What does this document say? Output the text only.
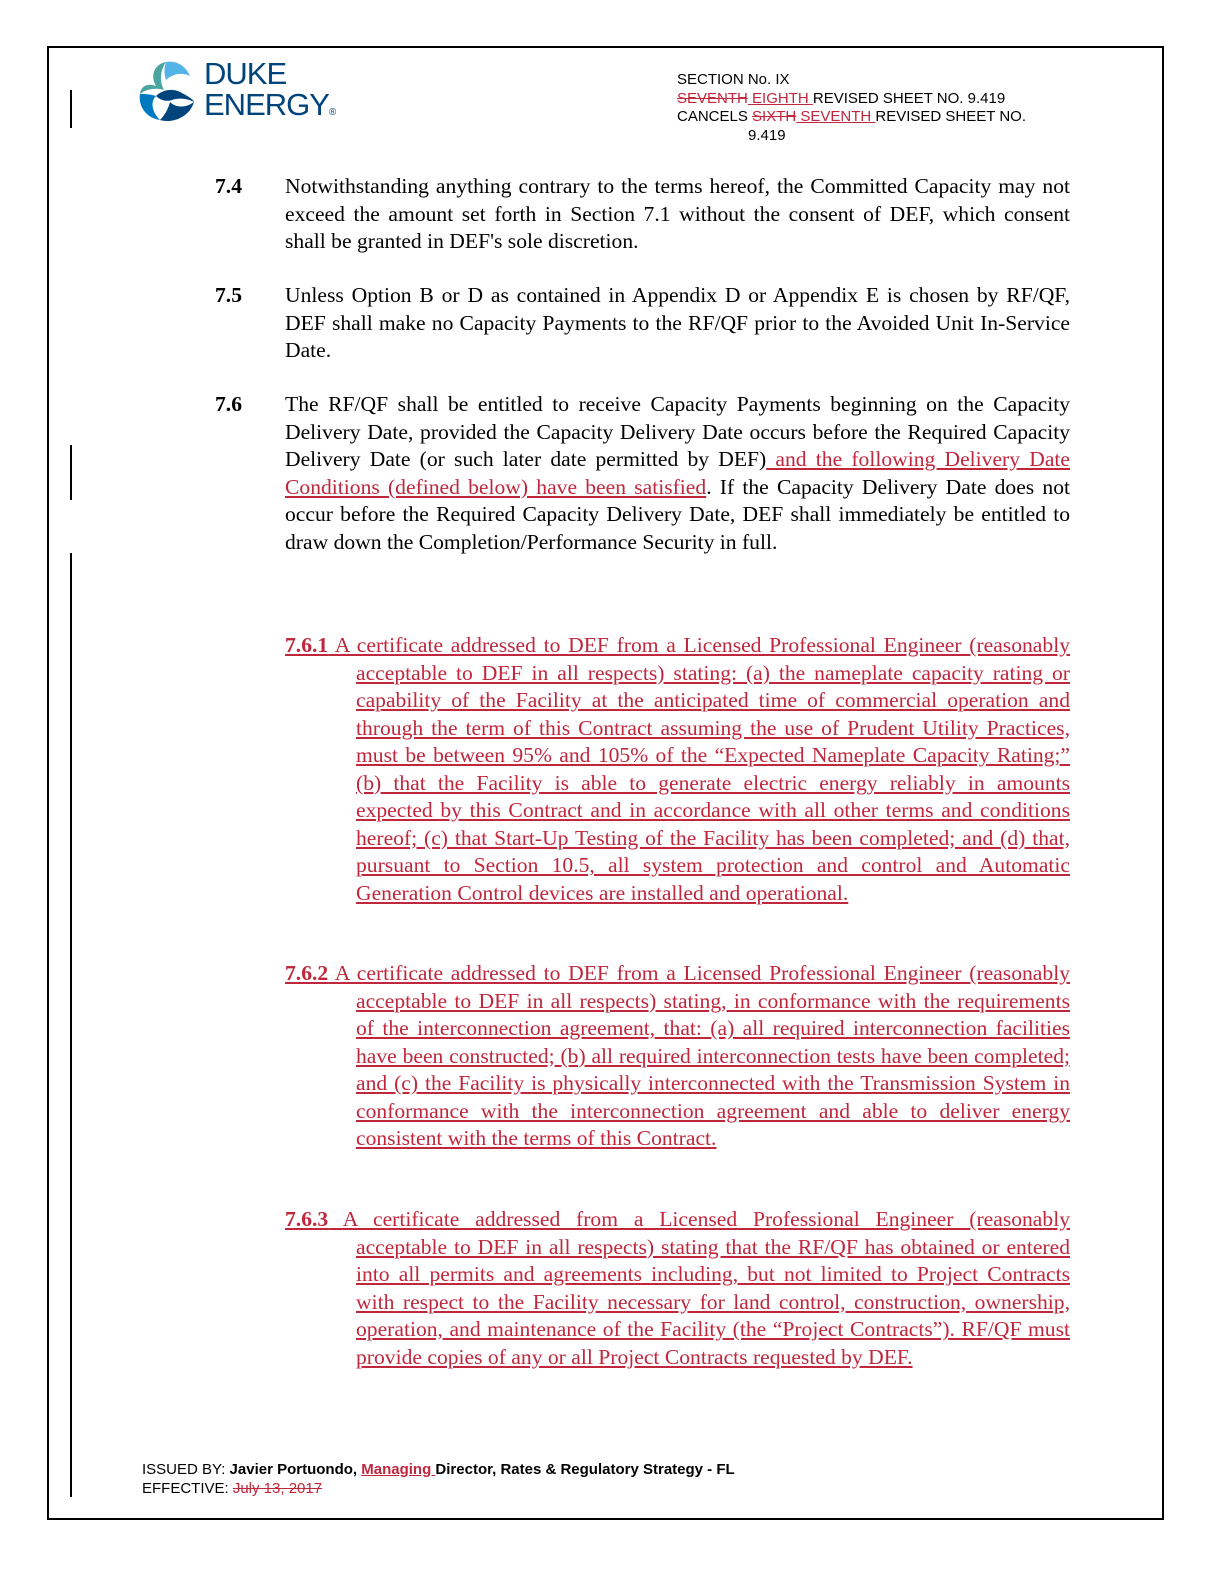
DUKE
ENERGY®
SECTION No. IX
SEVENTH EIGHTH REVISED SHEET NO. 9.419
CANCELS SIXTH SEVENTH REVISED SHEET NO.
9.419
7.4 Notwithstanding anything contrary to the terms hereof, the Committed Capacity may not exceed the amount set forth in Section 7.1 without the consent of DEF, which consent shall be granted in DEF's sole discretion.
7.5 Unless Option B or D as contained in Appendix D or Appendix E is chosen by RF/QF, DEF shall make no Capacity Payments to the RF/QF prior to the Avoided Unit In-Service Date.
7.6 The RF/QF shall be entitled to receive Capacity Payments beginning on the Capacity Delivery Date, provided the Capacity Delivery Date occurs before the Required Capacity Delivery Date (or such later date permitted by DEF) and the following Delivery Date Conditions (defined below) have been satisfied. If the Capacity Delivery Date does not occur before the Required Capacity Delivery Date, DEF shall immediately be entitled to draw down the Completion/Performance Security in full.
7.6.1 A certificate addressed to DEF from a Licensed Professional Engineer (reasonably acceptable to DEF in all respects) stating: (a) the nameplate capacity rating or capability of the Facility at the anticipated time of commercial operation and through the term of this Contract assuming the use of Prudent Utility Practices, must be between 95% and 105% of the “Expected Nameplate Capacity Rating;” (b) that the Facility is able to generate electric energy reliably in amounts expected by this Contract and in accordance with all other terms and conditions hereof; (c) that Start-Up Testing of the Facility has been completed; and (d) that, pursuant to Section 10.5, all system protection and control and Automatic Generation Control devices are installed and operational.
7.6.2 A certificate addressed to DEF from a Licensed Professional Engineer (reasonably acceptable to DEF in all respects) stating, in conformance with the requirements of the interconnection agreement, that: (a) all required interconnection facilities have been constructed; (b) all required interconnection tests have been completed; and (c) the Facility is physically interconnected with the Transmission System in conformance with the interconnection agreement and able to deliver energy consistent with the terms of this Contract.
7.6.3 A certificate addressed from a Licensed Professional Engineer (reasonably acceptable to DEF in all respects) stating that the RF/QF has obtained or entered into all permits and agreements including, but not limited to Project Contracts with respect to the Facility necessary for land control, construction, ownership, operation, and maintenance of the Facility (the “Project Contracts”). RF/QF must provide copies of any or all Project Contracts requested by DEF.
ISSUED BY: Javier Portuondo, Managing Director, Rates & Regulatory Strategy - FL
EFFECTIVE: July 13, 2017
